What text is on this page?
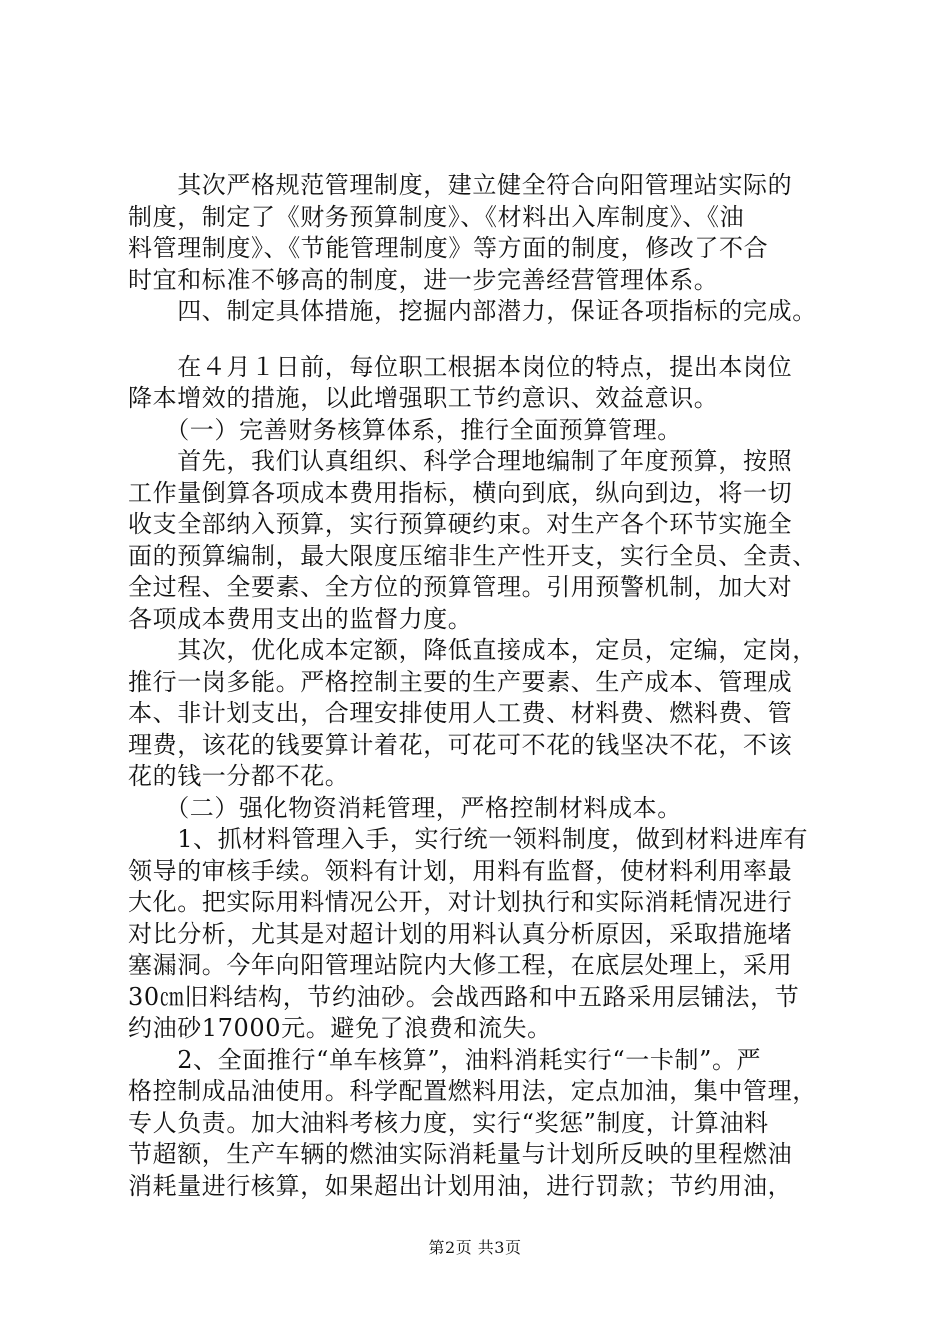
　　其次严格规范管理制度，建立健全符合向阳管理站实际的
制度，制定了《财务预算制度》、《材料出入库制度》、《油
料管理制度》、《节能管理制度》等方面的制度，修改了不合
时宜和标准不够高的制度，进一步完善经营管理体系。
　　四、制定具体措施，挖掘内部潜力，保证各项指标的完成。
　　在４月１日前，每位职工根据本岗位的特点，提出本岗位
降本增效的措施，以此增强职工节约意识、效益意识。
　　（一）完善财务核算体系，推行全面预算管理。
　　首先，我们认真组织、科学合理地编制了年度预算，按照
工作量倒算各项成本费用指标，横向到底，纵向到边，将一切
收支全部纳入预算，实行预算硬约束。对生产各个环节实施全
面的预算编制，最大限度压缩非生产性开支，实行全员、全责、
全过程、全要素、全方位的预算管理。引用预警机制，加大对
各项成本费用支出的监督力度。
　　其次，优化成本定额，降低直接成本，定员，定编，定岗，
推行一岗多能。严格控制主要的生产要素、生产成本、管理成
本、非计划支出，合理安排使用人工费、材料费、燃料费、管
理费，该花的钱要算计着花，可花可不花的钱坚决不花，不该
花的钱一分都不花。
　　（二）强化物资消耗管理，严格控制材料成本。
　　1、抓材料管理入手，实行统一领料制度，做到材料进库有
领导的审核手续。领料有计划，用料有监督，使材料利用率最
大化。把实际用料情况公开，对计划执行和实际消耗情况进行
对比分析，尤其是对超计划的用料认真分析原因，采取措施堵
塞漏洞。今年向阳管理站院内大修工程，在底层处理上，采用
30㎝旧料结构，节约油砂。会战西路和中五路采用层铺法，节
约油砂17000元。避免了浪费和流失。
　　2、全面推行“单车核算”，油料消耗实行“一卡制”。严
格控制成品油使用。科学配置燃料用法，定点加油，集中管理，
专人负责。加大油料考核力度，实行“奖惩”制度，计算油料
节超额，生产车辆的燃油实际消耗量与计划所反映的里程燃油
消耗量进行核算，如果超出计划用油，进行罚款；节约用油，
第2页 共3页
